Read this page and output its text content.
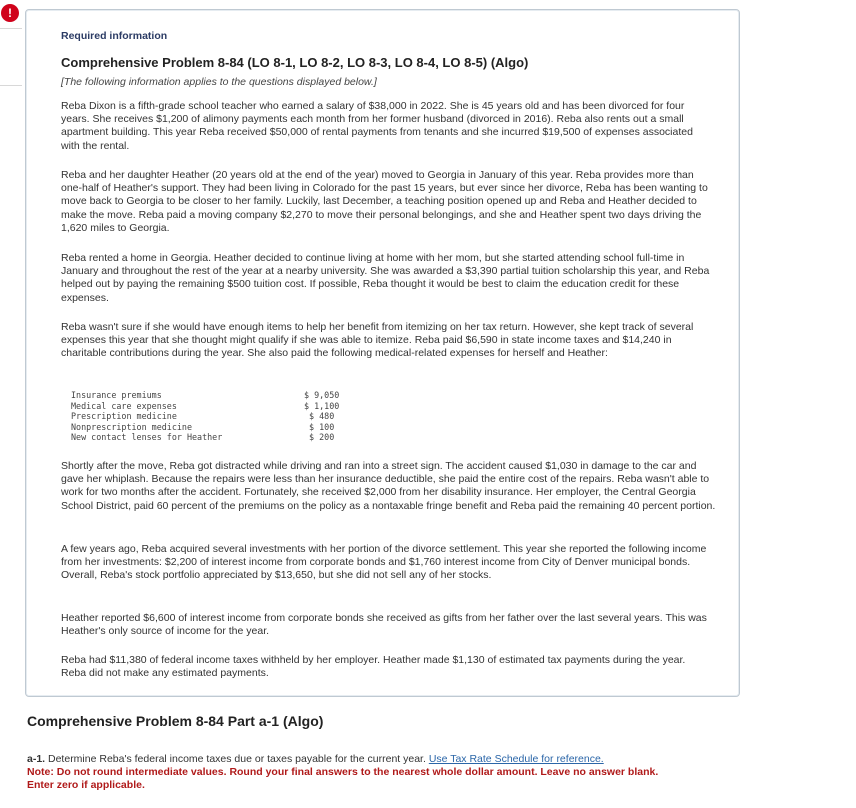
!

Required information

Comprehensive Problem 8-84 (LO 8-1, LO 8-2, LO 8-3, LO 8-4, LO 8-5) (Algo)

[The following information applies to the questions displayed below.]

Reba Dixon is a fifth-grade school teacher who earned a salary of $38,000 in 2022. She is 45 years old and has been divorced for four years. She receives $1,200 of alimony payments each month from her former husband (divorced in 2016). Reba also rents out a small apartment building. This year Reba received $50,000 of rental payments from tenants and she incurred $19,500 of expenses associated with the rental.

Reba and her daughter Heather (20 years old at the end of the year) moved to Georgia in January of this year. Reba provides more than one-half of Heather's support. They had been living in Colorado for the past 15 years, but ever since her divorce, Reba has been wanting to move back to Georgia to be closer to her family. Luckily, last December, a teaching position opened up and Reba and Heather decided to make the move. Reba paid a moving company $2,270 to move their personal belongings, and she and Heather spent two days driving the 1,620 miles to Georgia.

Reba rented a home in Georgia. Heather decided to continue living at home with her mom, but she started attending school full-time in January and throughout the rest of the year at a nearby university. She was awarded a $3,390 partial tuition scholarship this year, and Reba helped out by paying the remaining $500 tuition cost. If possible, Reba thought it would be best to claim the education credit for these expenses.

Reba wasn't sure if she would have enough items to help her benefit from itemizing on her tax return. However, she kept track of several expenses this year that she thought might qualify if she was able to itemize. Reba paid $6,590 in state income taxes and $14,240 in charitable contributions during the year. She also paid the following medical-related expenses for herself and Heather:

Insurance premiums	$ 9,050
Medical care expenses	$ 1,100
Prescription medicine	$ 480
Nonprescription medicine	$ 100
New contact lenses for Heather	$ 200

Shortly after the move, Reba got distracted while driving and ran into a street sign. The accident caused $1,030 in damage to the car and gave her whiplash. Because the repairs were less than her insurance deductible, she paid the entire cost of the repairs. Reba wasn't able to work for two months after the accident. Fortunately, she received $2,000 from her disability insurance. Her employer, the Central Georgia School District, paid 60 percent of the premiums on the policy as a nontaxable fringe benefit and Reba paid the remaining 40 percent portion.

A few years ago, Reba acquired several investments with her portion of the divorce settlement. This year she reported the following income from her investments: $2,200 of interest income from corporate bonds and $1,760 interest income from City of Denver municipal bonds. Overall, Reba's stock portfolio appreciated by $13,650, but she did not sell any of her stocks.

Heather reported $6,600 of interest income from corporate bonds she received as gifts from her father over the last several years. This was Heather's only source of income for the year.

Reba had $11,380 of federal income taxes withheld by her employer. Heather made $1,130 of estimated tax payments during the year. Reba did not make any estimated payments.

Comprehensive Problem 8-84 Part a-1 (Algo)
a-1. Determine Reba's federal income taxes due or taxes payable for the current year. Use Tax Rate Schedule for reference.
Note: Do not round intermediate values. Round your final answers to the nearest whole dollar amount. Leave no answer blank.
Enter zero if applicable.
